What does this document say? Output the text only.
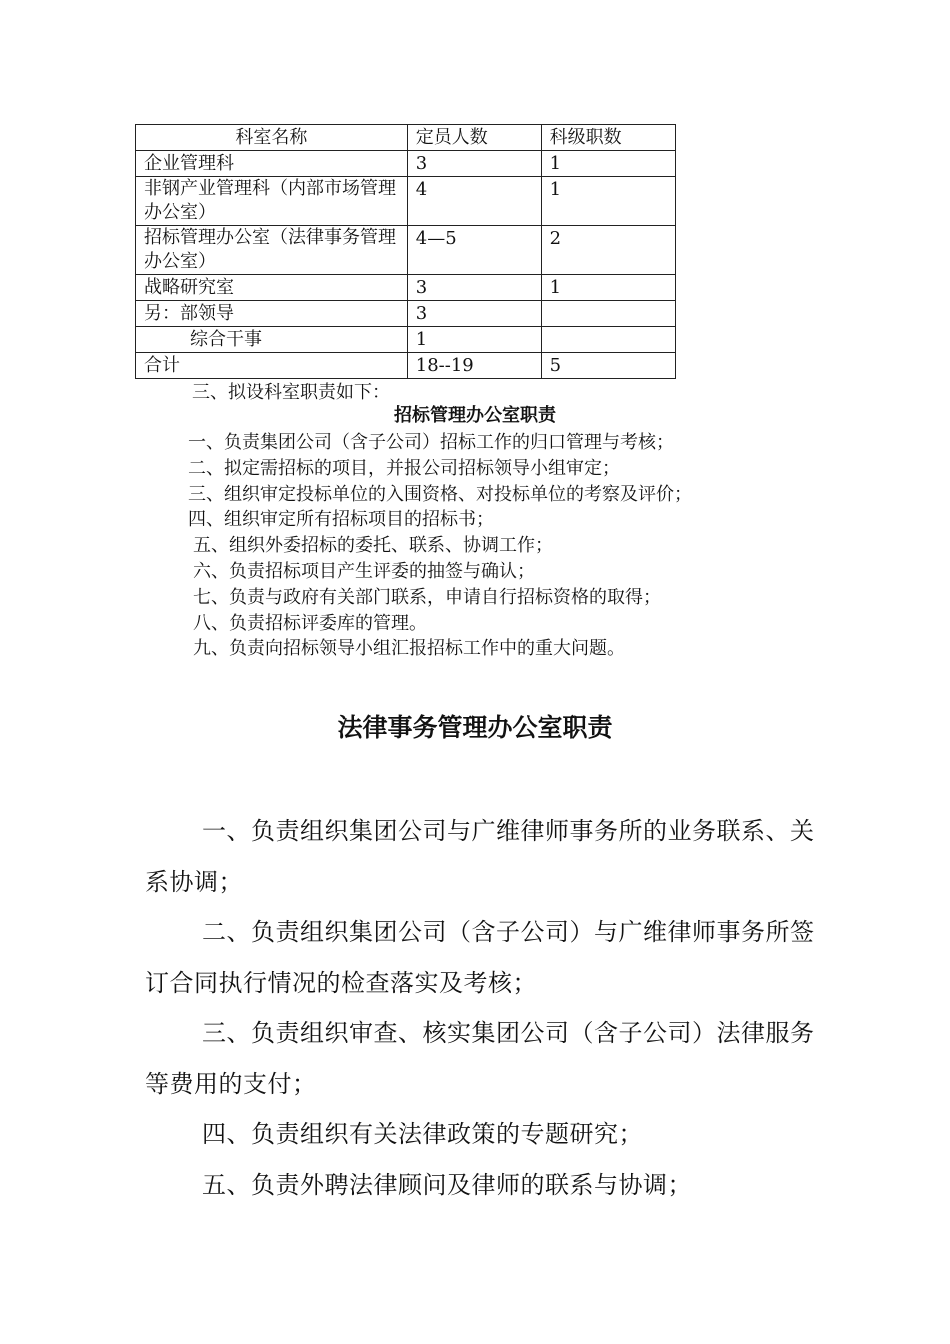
科室名称	定员人数	科级职数
企业管理科	3	1
非钢产业管理科（内部市场管理办公室）	4	1
招标管理办公室（法律事务管理办公室）	4—5	2
战略研究室	3	1
另：部领导	3	
综合干事	1	
合计	18--19	5
三、拟设科室职责如下：
招标管理办公室职责
一、负责集团公司（含子公司）招标工作的归口管理与考核；
二、拟定需招标的项目，并报公司招标领导小组审定；
三、组织审定投标单位的入围资格、对投标单位的考察及评价；
四、组织审定所有招标项目的招标书；
五、组织外委招标的委托、联系、协调工作；
六、负责招标项目产生评委的抽签与确认；
七、负责与政府有关部门联系，申请自行招标资格的取得；
八、负责招标评委库的管理。
九、负责向招标领导小组汇报招标工作中的重大问题。
法律事务管理办公室职责
一、负责组织集团公司与广维律师事务所的业务联系、关系协调；
二、负责组织集团公司（含子公司）与广维律师事务所签订合同执行情况的检查落实及考核；
三、负责组织审查、核实集团公司（含子公司）法律服务等费用的支付；
四、负责组织有关法律政策的专题研究；
五、负责外聘法律顾问及律师的联系与协调；
